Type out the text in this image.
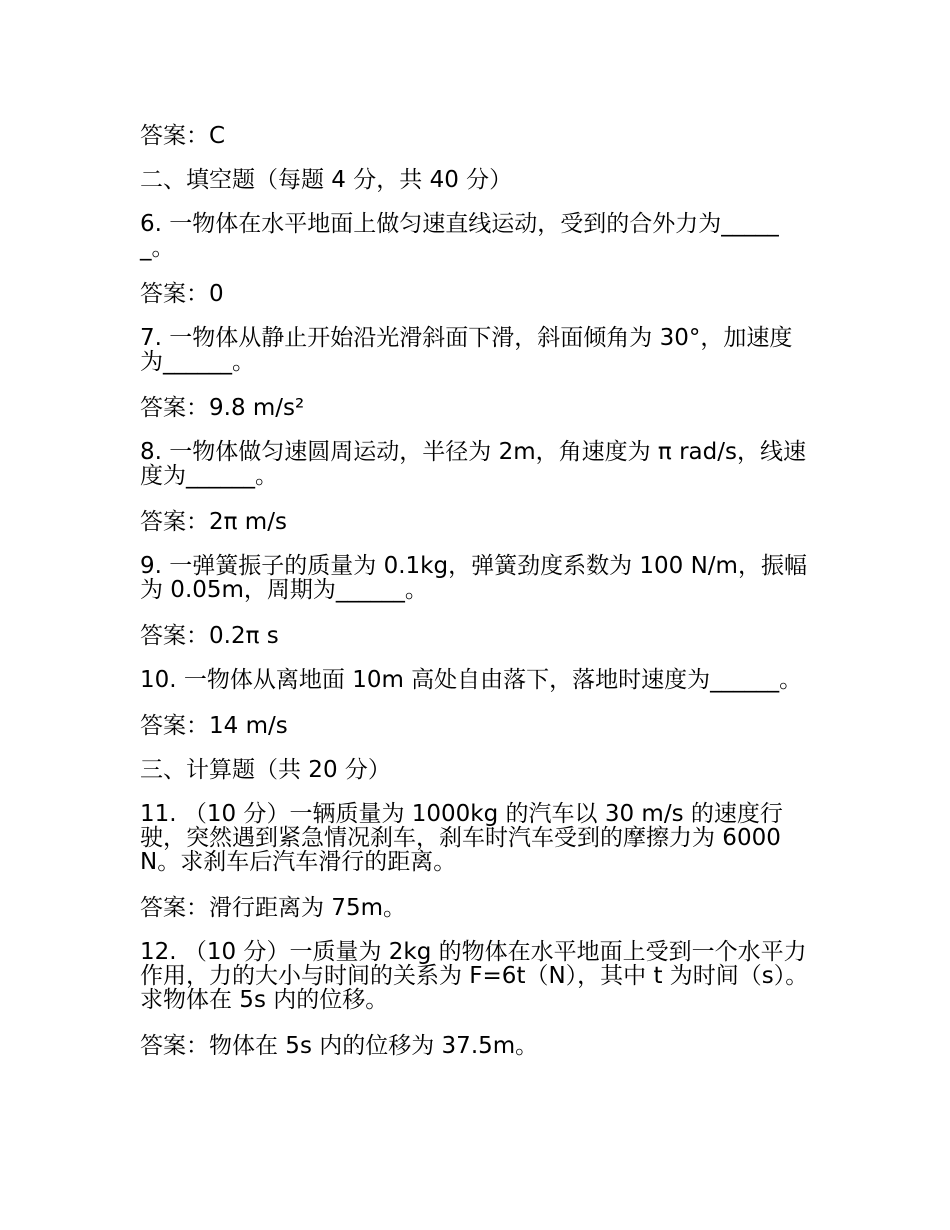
答案：C

二、填空题（每题 4 分，共 40 分）

6. 一物体在水平地面上做匀速直线运动，受到的合外力为______。

答案：0

7. 一物体从静止开始沿光滑斜面下滑，斜面倾角为 30°，加速度为______。

答案：9.8 m/s²

8. 一物体做匀速圆周运动，半径为 2m，角速度为 π rad/s，线速度为______。

答案：2π m/s

9. 一弹簧振子的质量为 0.1kg，弹簧劲度系数为 100 N/m，振幅为 0.05m，周期为______。

答案：0.2π s

10. 一物体从离地面 10m 高处自由落下，落地时速度为______。

答案：14 m/s

三、计算题（共 20 分）

11. （10 分）一辆质量为 1000kg 的汽车以 30 m/s 的速度行驶，突然遇到紧急情况刹车，刹车时汽车受到的摩擦力为 6000N。求刹车后汽车滑行的距离。

答案：滑行距离为 75m。

12. （10 分）一质量为 2kg 的物体在水平地面上受到一个水平力作用，力的大小与时间的关系为 F=6t（N），其中 t 为时间（s）。求物体在 5s 内的位移。

答案：物体在 5s 内的位移为 37.5m。
